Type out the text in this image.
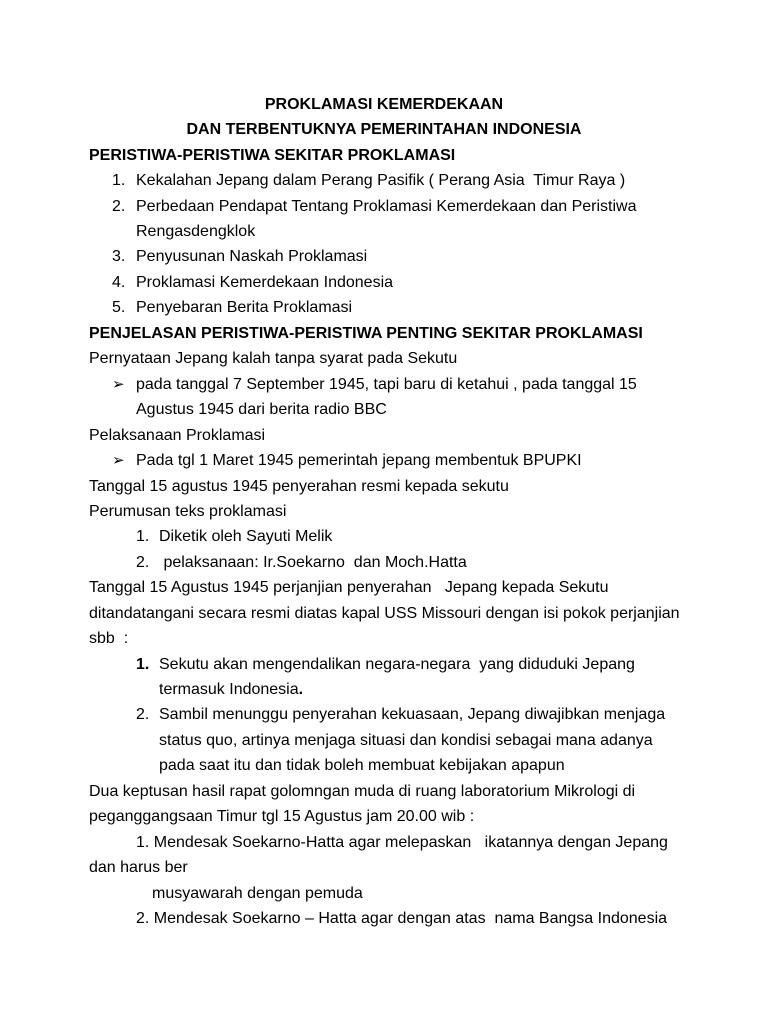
PROKLAMASI KEMERDEKAAN
DAN TERBENTUKNYA PEMERINTAHAN INDONESIA
PERISTIWA-PERISTIWA SEKITAR PROKLAMASI
1. Kekalahan Jepang dalam Perang Pasifik ( Perang Asia  Timur Raya )
2. Perbedaan Pendapat Tentang Proklamasi Kemerdekaan dan Peristiwa
Rengasdengklok
3. Penyusunan Naskah Proklamasi
4. Proklamasi Kemerdekaan Indonesia
5. Penyebaran Berita Proklamasi
PENJELASAN PERISTIWA-PERISTIWA PENTING SEKITAR PROKLAMASI
Pernyataan Jepang kalah tanpa syarat pada Sekutu
➢ pada tanggal 7 September 1945, tapi baru di ketahui , pada tanggal 15
Agustus 1945 dari berita radio BBC
Pelaksanaan Proklamasi
➢ Pada tgl 1 Maret 1945 pemerintah jepang membentuk BPUPKI
Tanggal 15 agustus 1945 penyerahan resmi kepada sekutu
Perumusan teks proklamasi
1. Diketik oleh Sayuti Melik
2. pelaksanaan: Ir.Soekarno  dan Moch.Hatta
Tanggal 15 Agustus 1945 perjanjian penyerahan   Jepang kepada Sekutu
ditandatangani secara resmi diatas kapal USS Missouri dengan isi pokok perjanjian
sbb  :
1. Sekutu akan mengendalikan negara-negara  yang diduduki Jepang
termasuk Indonesia.
2. Sambil menunggu penyerahan kekuasaan, Jepang diwajibkan menjaga
status quo, artinya menjaga situasi dan kondisi sebagai mana adanya
pada saat itu dan tidak boleh membuat kebijakan apapun
Dua keptusan hasil rapat golomngan muda di ruang laboratorium Mikrologi di
peganggangsaan Timur tgl 15 Agustus jam 20.00 wib :
1. Mendesak Soekarno-Hatta agar melepaskan   ikatannya dengan Jepang
dan harus ber
musyawarah dengan pemuda
2. Mendesak Soekarno – Hatta agar dengan atas  nama Bangsa Indonesia
